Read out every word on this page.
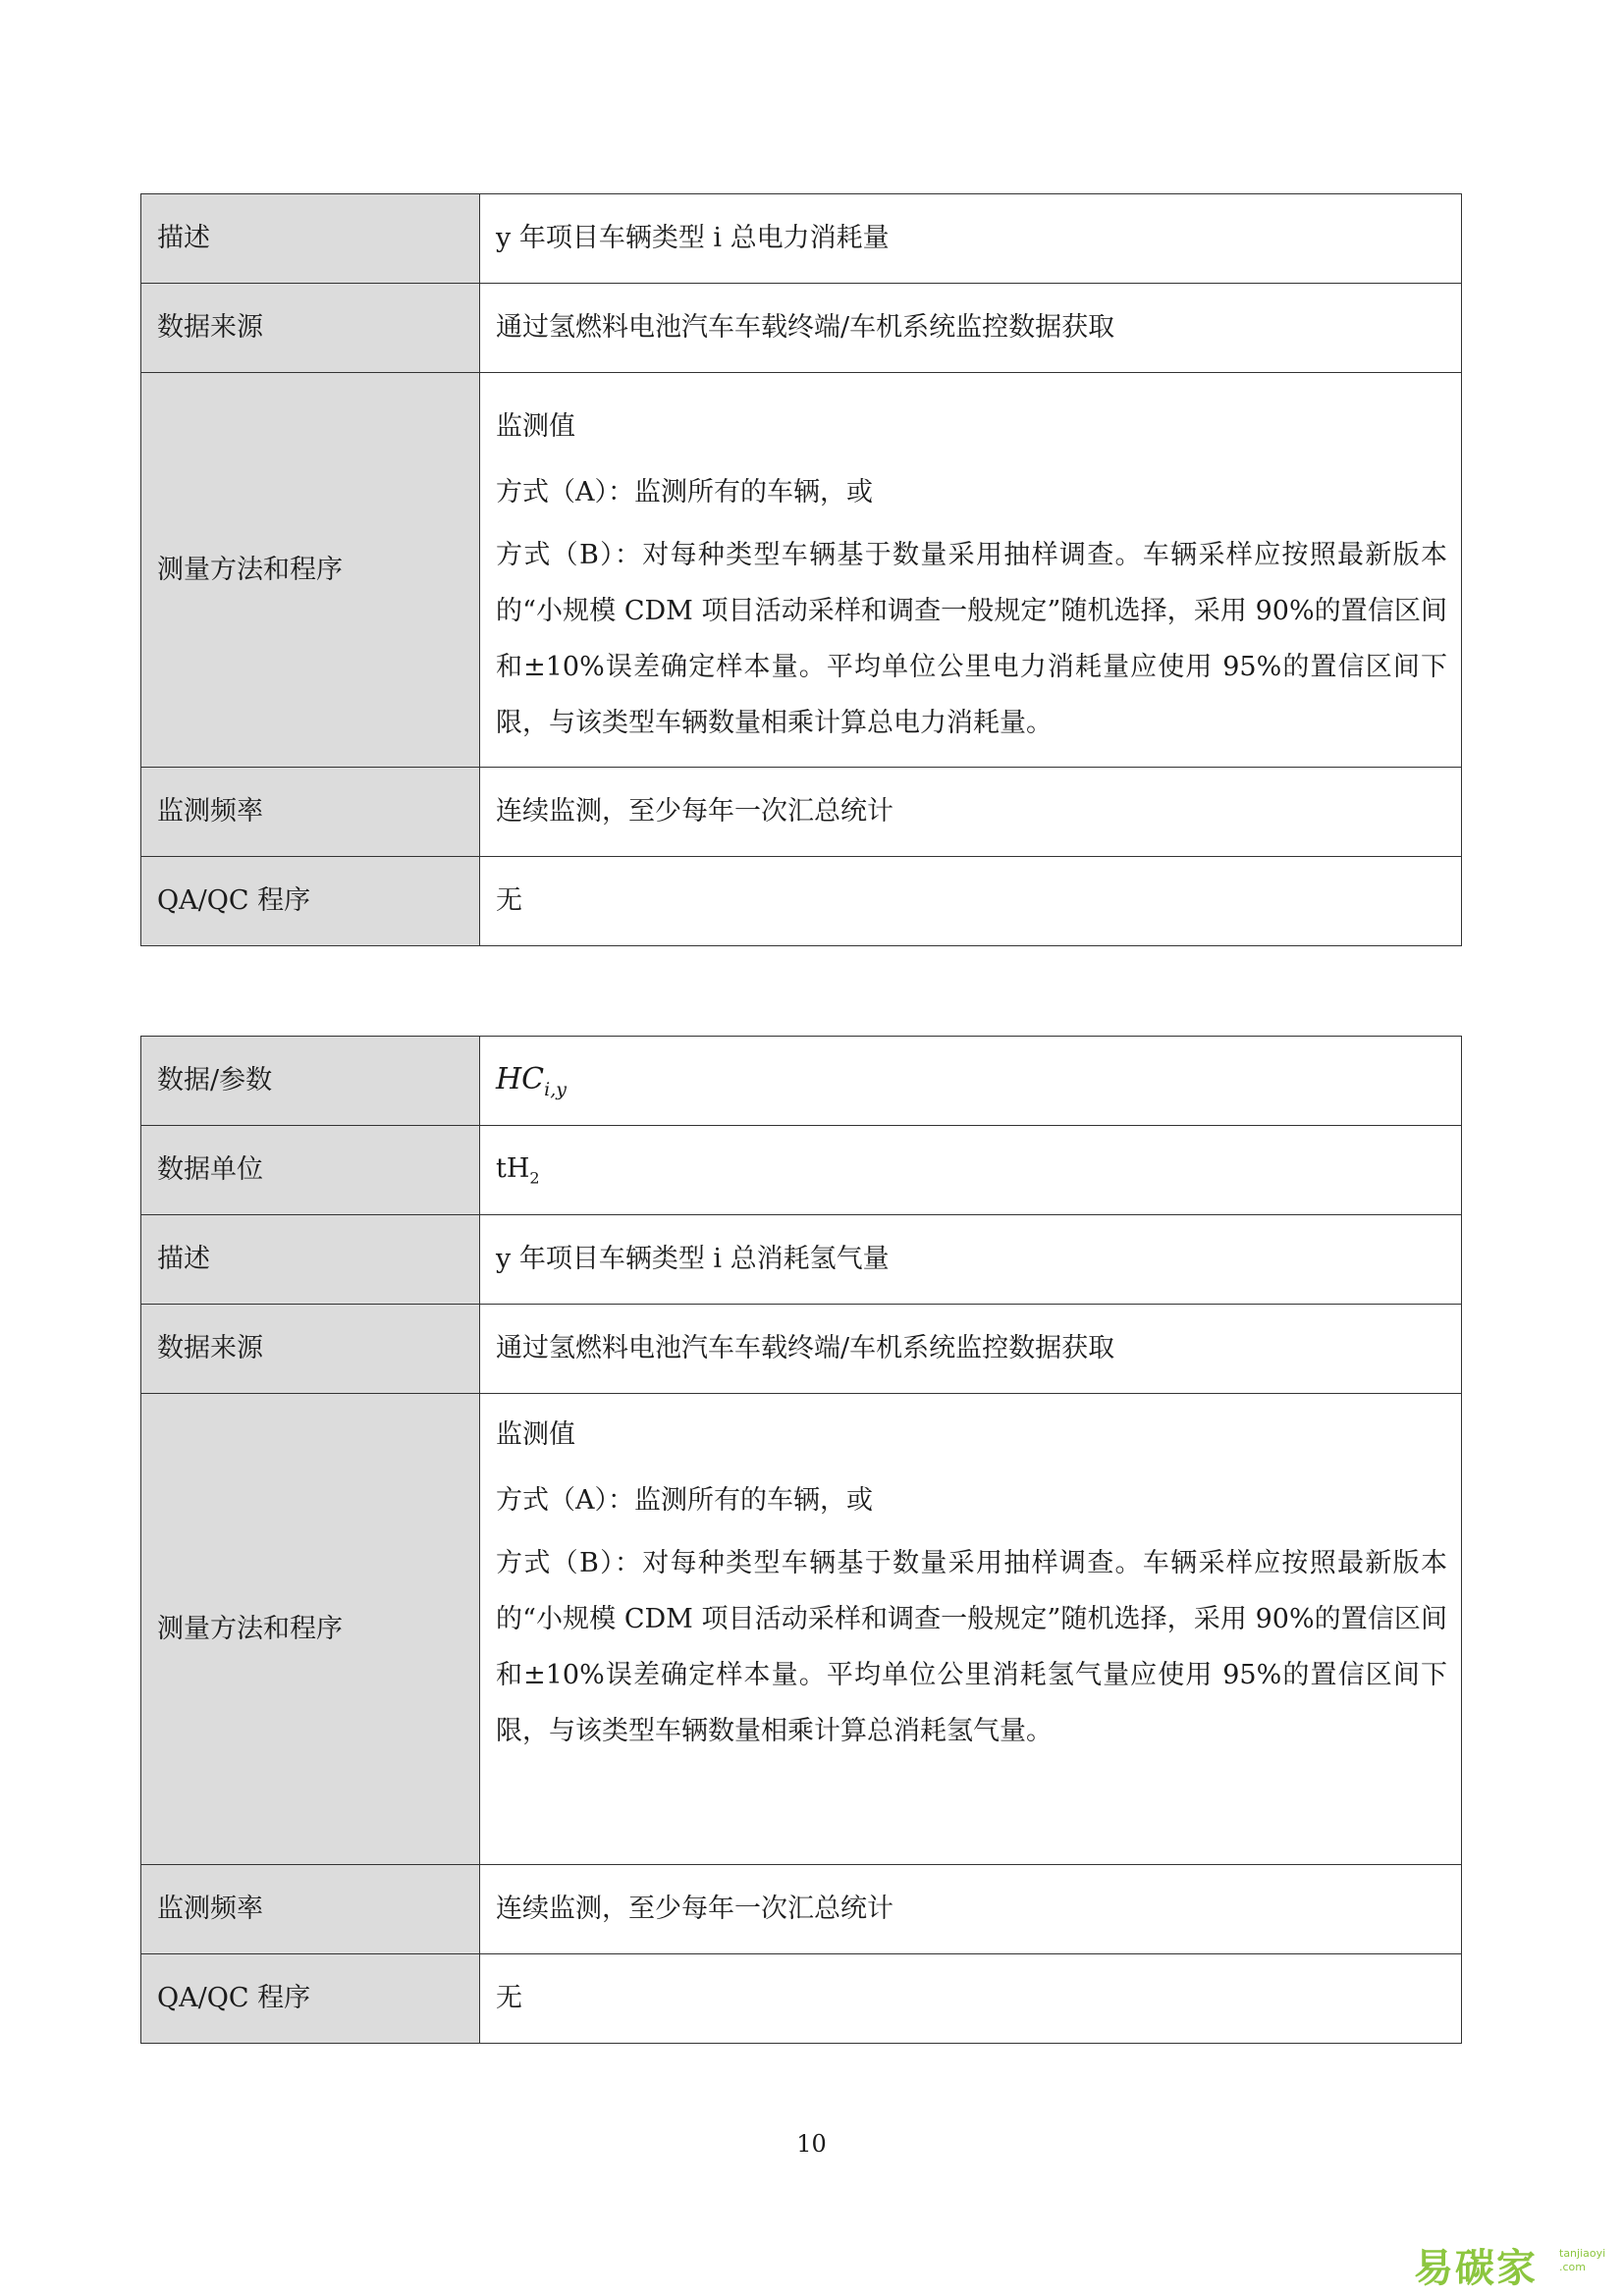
描述	y 年项目车辆类型 i 总电力消耗量
数据来源	通过氢燃料电池汽车车载终端/车机系统监控数据获取
测量方法和程序	监测值

方式（A）：监测所有的车辆，或

方式（B）：对每种类型车辆基于数量采用抽样调查。车辆采样应按照最新版本的“小规模 CDM 项目活动采样和调查一般规定”随机选择，采用 90%的置信区间和±10%误差确定样本量。平均单位公里电力消耗量应使用 95%的置信区间下限，与该类型车辆数量相乘计算总电力消耗量。

监测频率	连续监测，至少每年一次汇总统计
QA/QC 程序	无
数据/参数	$HC_{i,y}$
数据单位	$tH_2$
描述	y 年项目车辆类型 i 总消耗氢气量
数据来源	通过氢燃料电池汽车车载终端/车机系统监控数据获取
测量方法和程序	监测值

方式（A）：监测所有的车辆，或

方式（B）：对每种类型车辆基于数量采用抽样调查。车辆采样应按照最新版本的“小规模 CDM 项目活动采样和调查一般规定”随机选择，采用 90%的置信区间和±10%误差确定样本量。平均单位公里消耗氢气量应使用 95%的置信区间下限，与该类型车辆数量相乘计算总消耗氢气量。

监测频率	连续监测，至少每年一次汇总统计
QA/QC 程序	无
10
易碳家 tanjiaoyi
.com
